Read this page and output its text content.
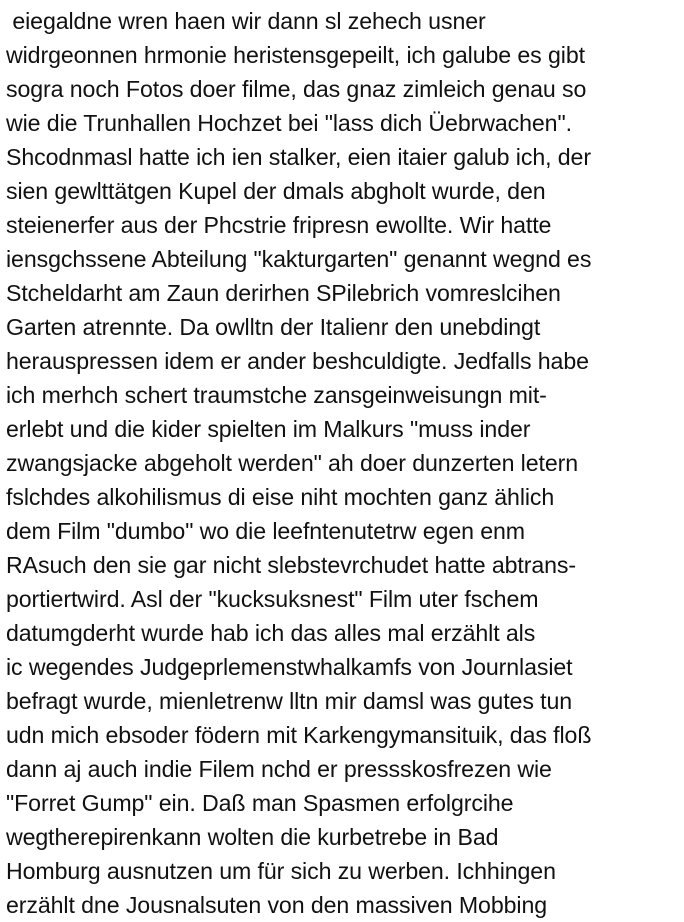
eiegaldne wren haen wir dann sl zehech usner
widrgeonnen hrmonie heristensgepeilt, ich galube es gibt
sogra noch Fotos doer filme, das gnaz zimleich genau so
wie die Trunhallen Hochzet bei "lass dich Üebrwachen".
Shcodnmasl hatte ich ien stalker, eien itaier galub ich, der
sien gewlttätgen Kupel der dmals abgholt wurde, den
steienerfer aus der Phcstrie fripresn ewollte. Wir hatte
iensgchssene Abteilung "kakturgarten" genannt wegnd es
Stcheldarht am Zaun derirhen SPilebrich vomreslcihen
Garten atrennte. Da owlltn der Italienr den unebdingt
herauspressen idem er ander beshculdigte. Jedfalls habe
ich merhch schert traumstche zansgeinweisungn mit-
erlebt und die kider spielten im Malkurs "muss inder
zwangsjacke abgeholt werden" ah doer dunzerten letern
fslchdes alkohilismus di eise niht mochten ganz ählich
dem Film "dumbo" wo die leefntenutetrw egen enm
RAsuch den sie gar nicht slebstevrchudet hatte abtrans-
portiertwird. Asl der "kucksuksnest" Film uter fschem
datumgderht wurde hab ich das alles mal erzählt als
ic wegendes Judgeprlemenstwhalkamfs von Journlasiet
befragt wurde, mienletrenw lltn mir damsl was gutes tun
udn mich ebsoder födern mit Karkengymansituik, das floß
dann aj auch indie Filem nchd er pressskosfrezen wie
"Forret Gump" ein. Daß man Spasmen erfolgrcihe
wegtherepirenkann wolten die kurbetrebe in Bad
Homburg ausnutzen um für sich zu werben. Ichhingen
erzählt dne Jousnalsuten von den massiven Mobbing
